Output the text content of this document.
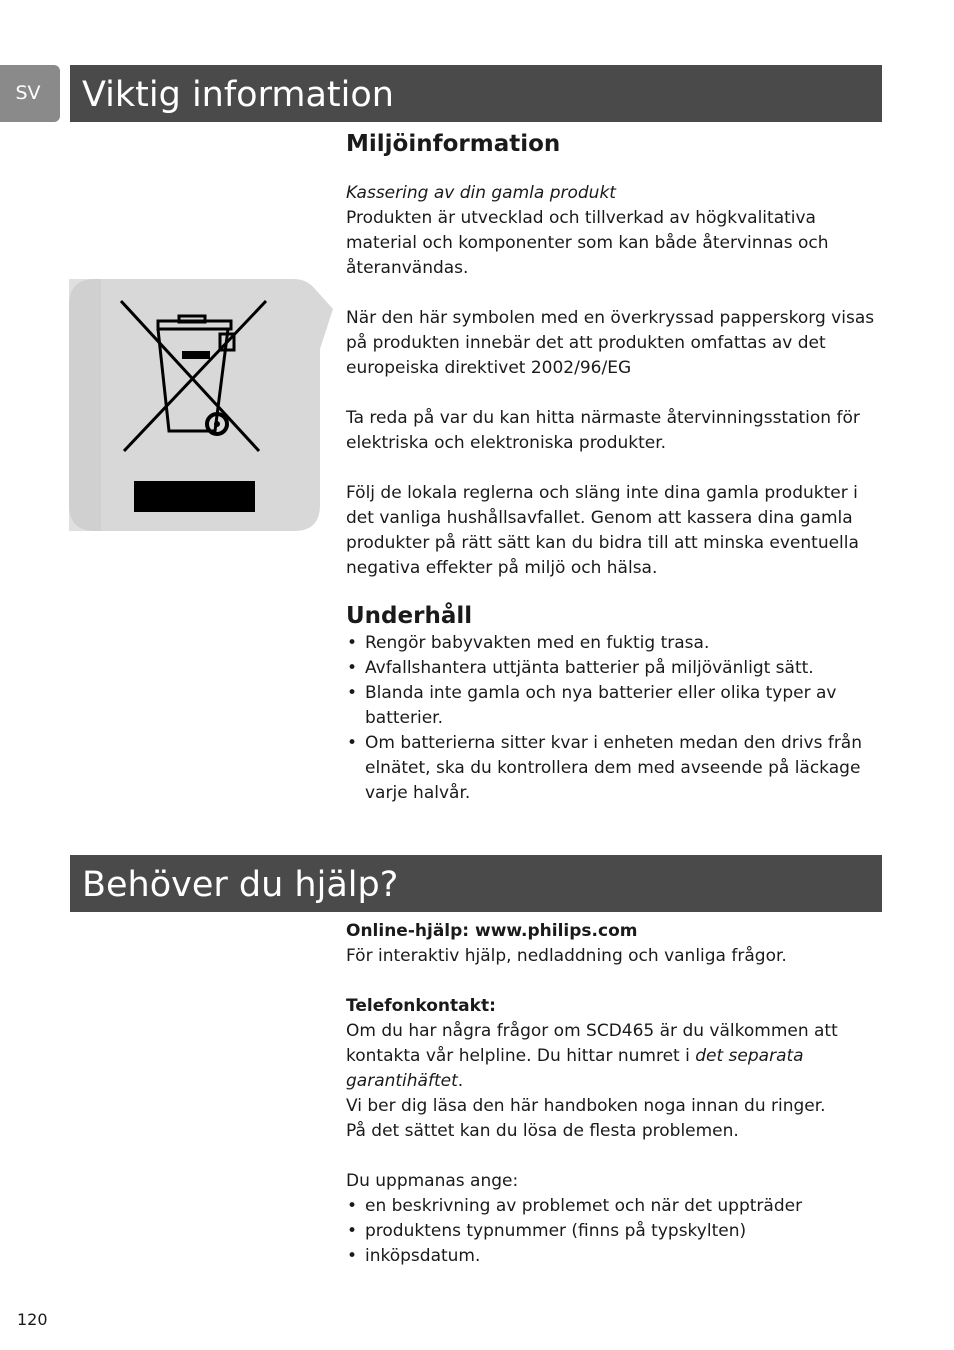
SV	Viktig information

Miljöinformation

Kassering av din gamla produkt

Produkten är utvecklad och tillverkad av högkvalitativa material och komponenter som kan både återvinnas och återanvändas.

När den här symbolen med en överkryssad papperskorg visas på produkten innebär det att produkten omfattas av det europeiska direktivet 2002/96/EG

Ta reda på var du kan hitta närmaste återvinningsstation för elektriska och elektroniska produkter.

Följ de lokala reglerna och släng inte dina gamla produkter i det vanliga hushållsavfallet. Genom att kassera dina gamla produkter på rätt sätt kan du bidra till att minska eventuella negativa effekter på miljö och hälsa.

Underhåll

• Rengör babyvakten med en fuktig trasa.
• Avfallshantera uttjänta batterier på miljövänligt sätt.
• Blanda inte gamla och nya batterier eller olika typer av batterier.
• Om batterierna sitter kvar i enheten medan den drivs från elnätet, ska du kontrollera dem med avseende på läckage varje halvår.
Behöver du hjälp?

Online-hjälp: www.philips.com

För interaktiv hjälp, nedladdning och vanliga frågor.

Telefonkontakt:

Om du har några frågor om SCD465 är du välkommen att kontakta vår helpline. Du hittar numret i det separata garantihäftet.

Vi ber dig läsa den här handboken noga innan du ringer.

På det sättet kan du lösa de flesta problemen.

Du uppmanas ange:

• en beskrivning av problemet och när det uppträder
• produktens typnummer (finns på typskylten)
• inköpsdatum.
120
